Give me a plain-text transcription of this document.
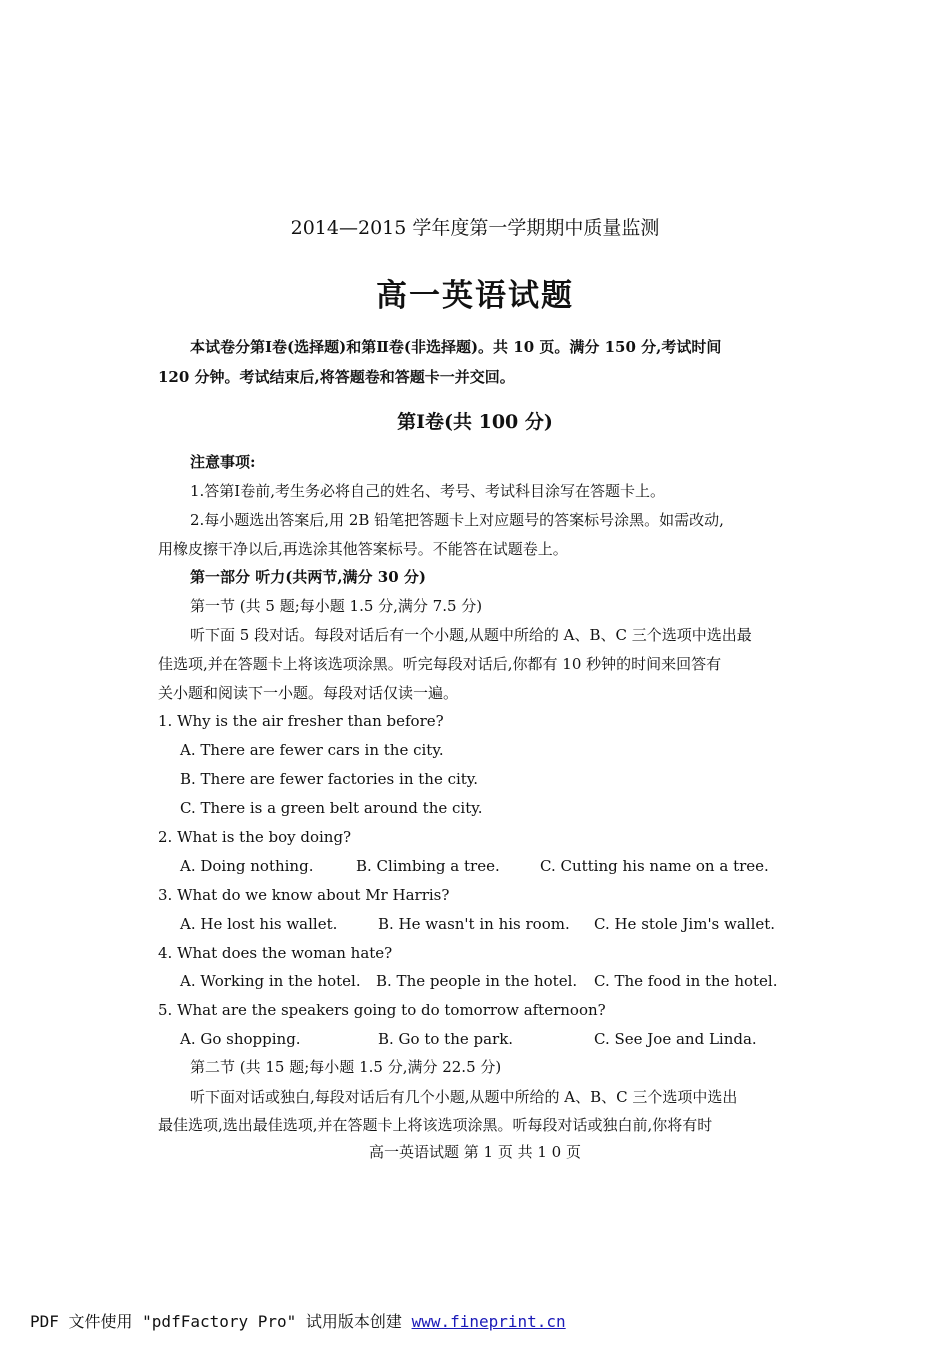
2014—2015 学年度第一学期期中质量监测
高一英语试题
本试卷分第Ⅰ卷(选择题)和第Ⅱ卷(非选择题)。共 10 页。满分 150 分,考试时间
120 分钟。考试结束后,将答题卷和答题卡一并交回。
第Ⅰ卷(共 100 分)
注意事项:
1.答第Ⅰ卷前,考生务必将自己的姓名、考号、考试科目涂写在答题卡上。
2.每小题选出答案后,用 2B 铅笔把答题卡上对应题号的答案标号涂黑。如需改动,
用橡皮擦干净以后,再选涂其他答案标号。不能答在试题卷上。
第一部分 听力(共两节,满分 30 分)
第一节 (共 5 题;每小题 1.5 分,满分 7.5 分)
听下面 5 段对话。每段对话后有一个小题,从题中所给的 A、B、C 三个选项中选出最
佳选项,并在答题卡上将该选项涂黑。听完每段对话后,你都有 10 秒钟的时间来回答有
关小题和阅读下一小题。每段对话仅读一遍。
1. Why is the air fresher than before?
A. There are fewer cars in the city.
B. There are fewer factories in the city.
C. There is a green belt around the city.
2. What is the boy doing?
A. Doing nothing.	B. Climbing a tree.	C. Cutting his name on a tree.
3. What do we know about Mr Harris?
A. He lost his wallet.	B. He wasn't in his room. C. He stole Jim's wallet.
4. What does the woman hate?
A. Working in the hotel. B. The people in the hotel. C. The food in the hotel.
5. What are the speakers going to do tomorrow afternoon?
A. Go shopping.	B. Go to the park.	C. See Joe and Linda.
第二节 (共 15 题;每小题 1.5 分,满分 22.5 分)
听下面对话或独白,每段对话后有几个小题,从题中所给的 A、B、C 三个选项中选出
最佳选项,选出最佳选项,并在答题卡上将该选项涂黑。听每段对话或独白前,你将有时
高一英语试题 第 1 页 共 1 0 页
PDF 文件使用 "pdfFactory Pro" 试用版本创建 www.fineprint.cn
